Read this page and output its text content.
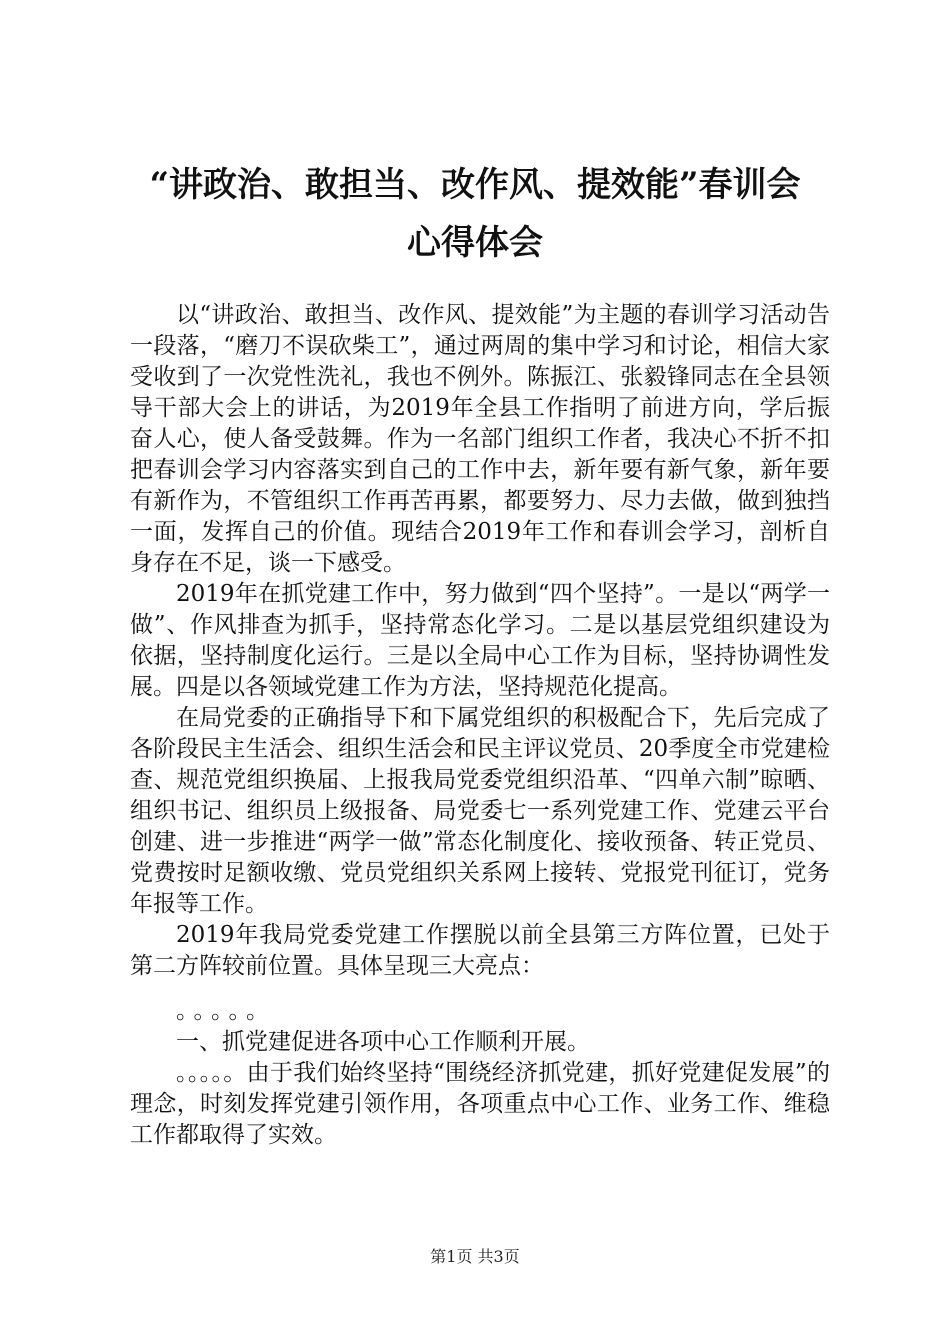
“讲政治、敢担当、改作风、提效能”春训会
心得体会

以“讲政治、敢担当、改作风、提效能”为主题的春训学习活动告一段落，“磨刀不误砍柴工”，通过两周的集中学习和讨论，相信大家受收到了一次党性洗礼，我也不例外。陈振江、张毅锋同志在全县领导干部大会上的讲话，为2019年全县工作指明了前进方向，学后振奋人心，使人备受鼓舞。作为一名部门组织工作者，我决心不折不扣把春训会学习内容落实到自己的工作中去，新年要有新气象，新年要有新作为，不管组织工作再苦再累，都要努力、尽力去做，做到独挡一面，发挥自己的价值。现结合2019年工作和春训会学习，剖析自身存在不足，谈一下感受。

2019年在抓党建工作中，努力做到“四个坚持”。一是以“两学一做”、作风排查为抓手，坚持常态化学习。二是以基层党组织建设为依据，坚持制度化运行。三是以全局中心工作为目标，坚持协调性发展。四是以各领域党建工作为方法，坚持规范化提高。

在局党委的正确指导下和下属党组织的积极配合下，先后完成了各阶段民主生活会、组织生活会和民主评议党员、20季度全市党建检查、规范党组织换届、上报我局党委党组织沿革、“四单六制”晾晒、组织书记、组织员上级报备、局党委七一系列党建工作、党建云平台创建、进一步推进“两学一做”常态化制度化、接收预备、转正党员、党费按时足额收缴、党员党组织关系网上接转、党报党刊征订，党务年报等工作。

2019年我局党委党建工作摆脱以前全县第三方阵位置，已处于第二方阵较前位置。具体呈现三大亮点：

。。。。。

一、抓党建促进各项中心工作顺利开展。

。。。。。由于我们始终坚持“围绕经济抓党建，抓好党建促发展”的理念，时刻发挥党建引领作用，各项重点中心工作、业务工作、维稳工作都取得了实效。

第1页 共3页
